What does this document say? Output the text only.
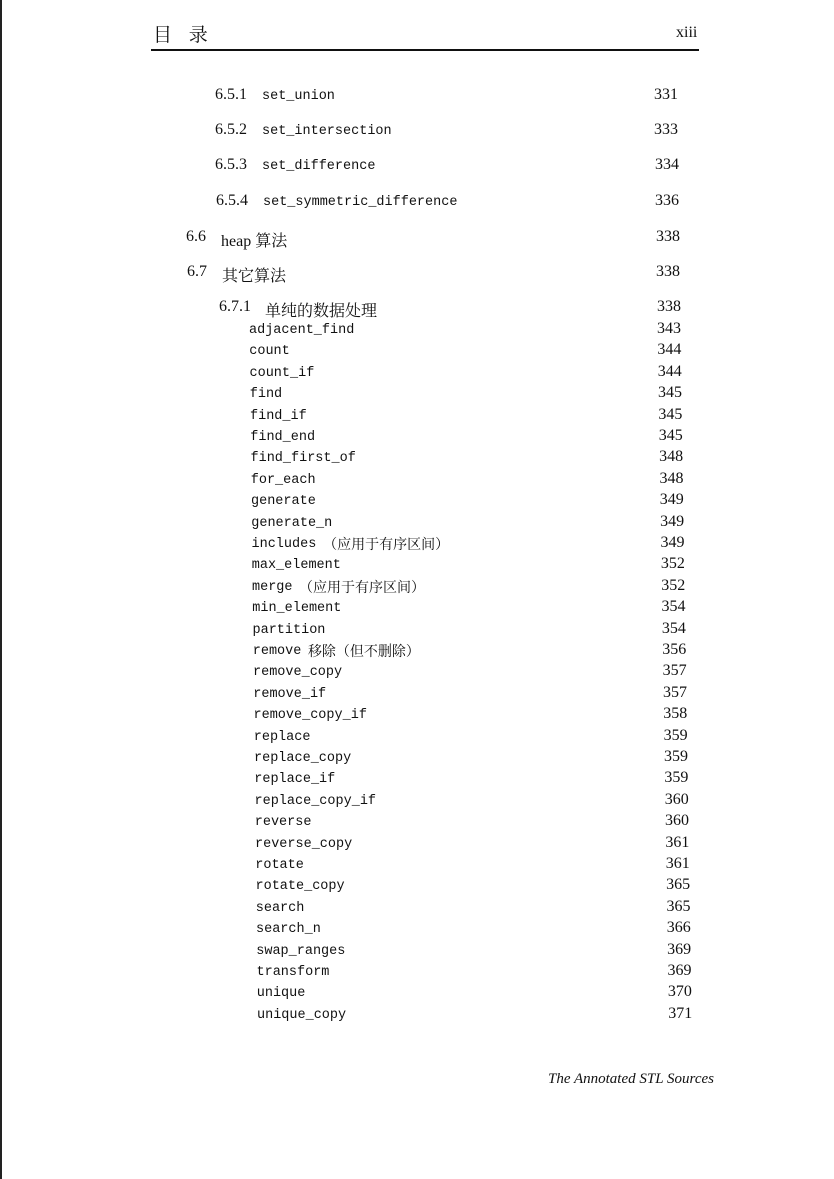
目 录	xiii
6.5.1 set_union	331
6.5.2 set_intersection	333
6.5.3 set_difference	334
6.5.4 set_symmetric_difference	336
6.6 heap 算法	338
6.7 其它算法	338
6.7.1 单纯的数据处理	338
adjacent_find	343
count	344
count_if	344
find	345
find_if	345
find_end	345
find_first_of	348
for_each	348
generate	349
generate_n	349
includes （应用于有序区间）	349
max_element	352
merge （应用于有序区间）	352
min_element	354
partition	354
remove 移除（但不删除）	356
remove_copy	357
remove_if	357
remove_copy_if	358
replace	359
replace_copy	359
replace_if	359
replace_copy_if	360
reverse	360
reverse_copy	361
rotate	361
rotate_copy	365
search	365
search_n	366
swap_ranges	369
transform	369
unique	370
unique_copy	371
The Annotated STL Sources
